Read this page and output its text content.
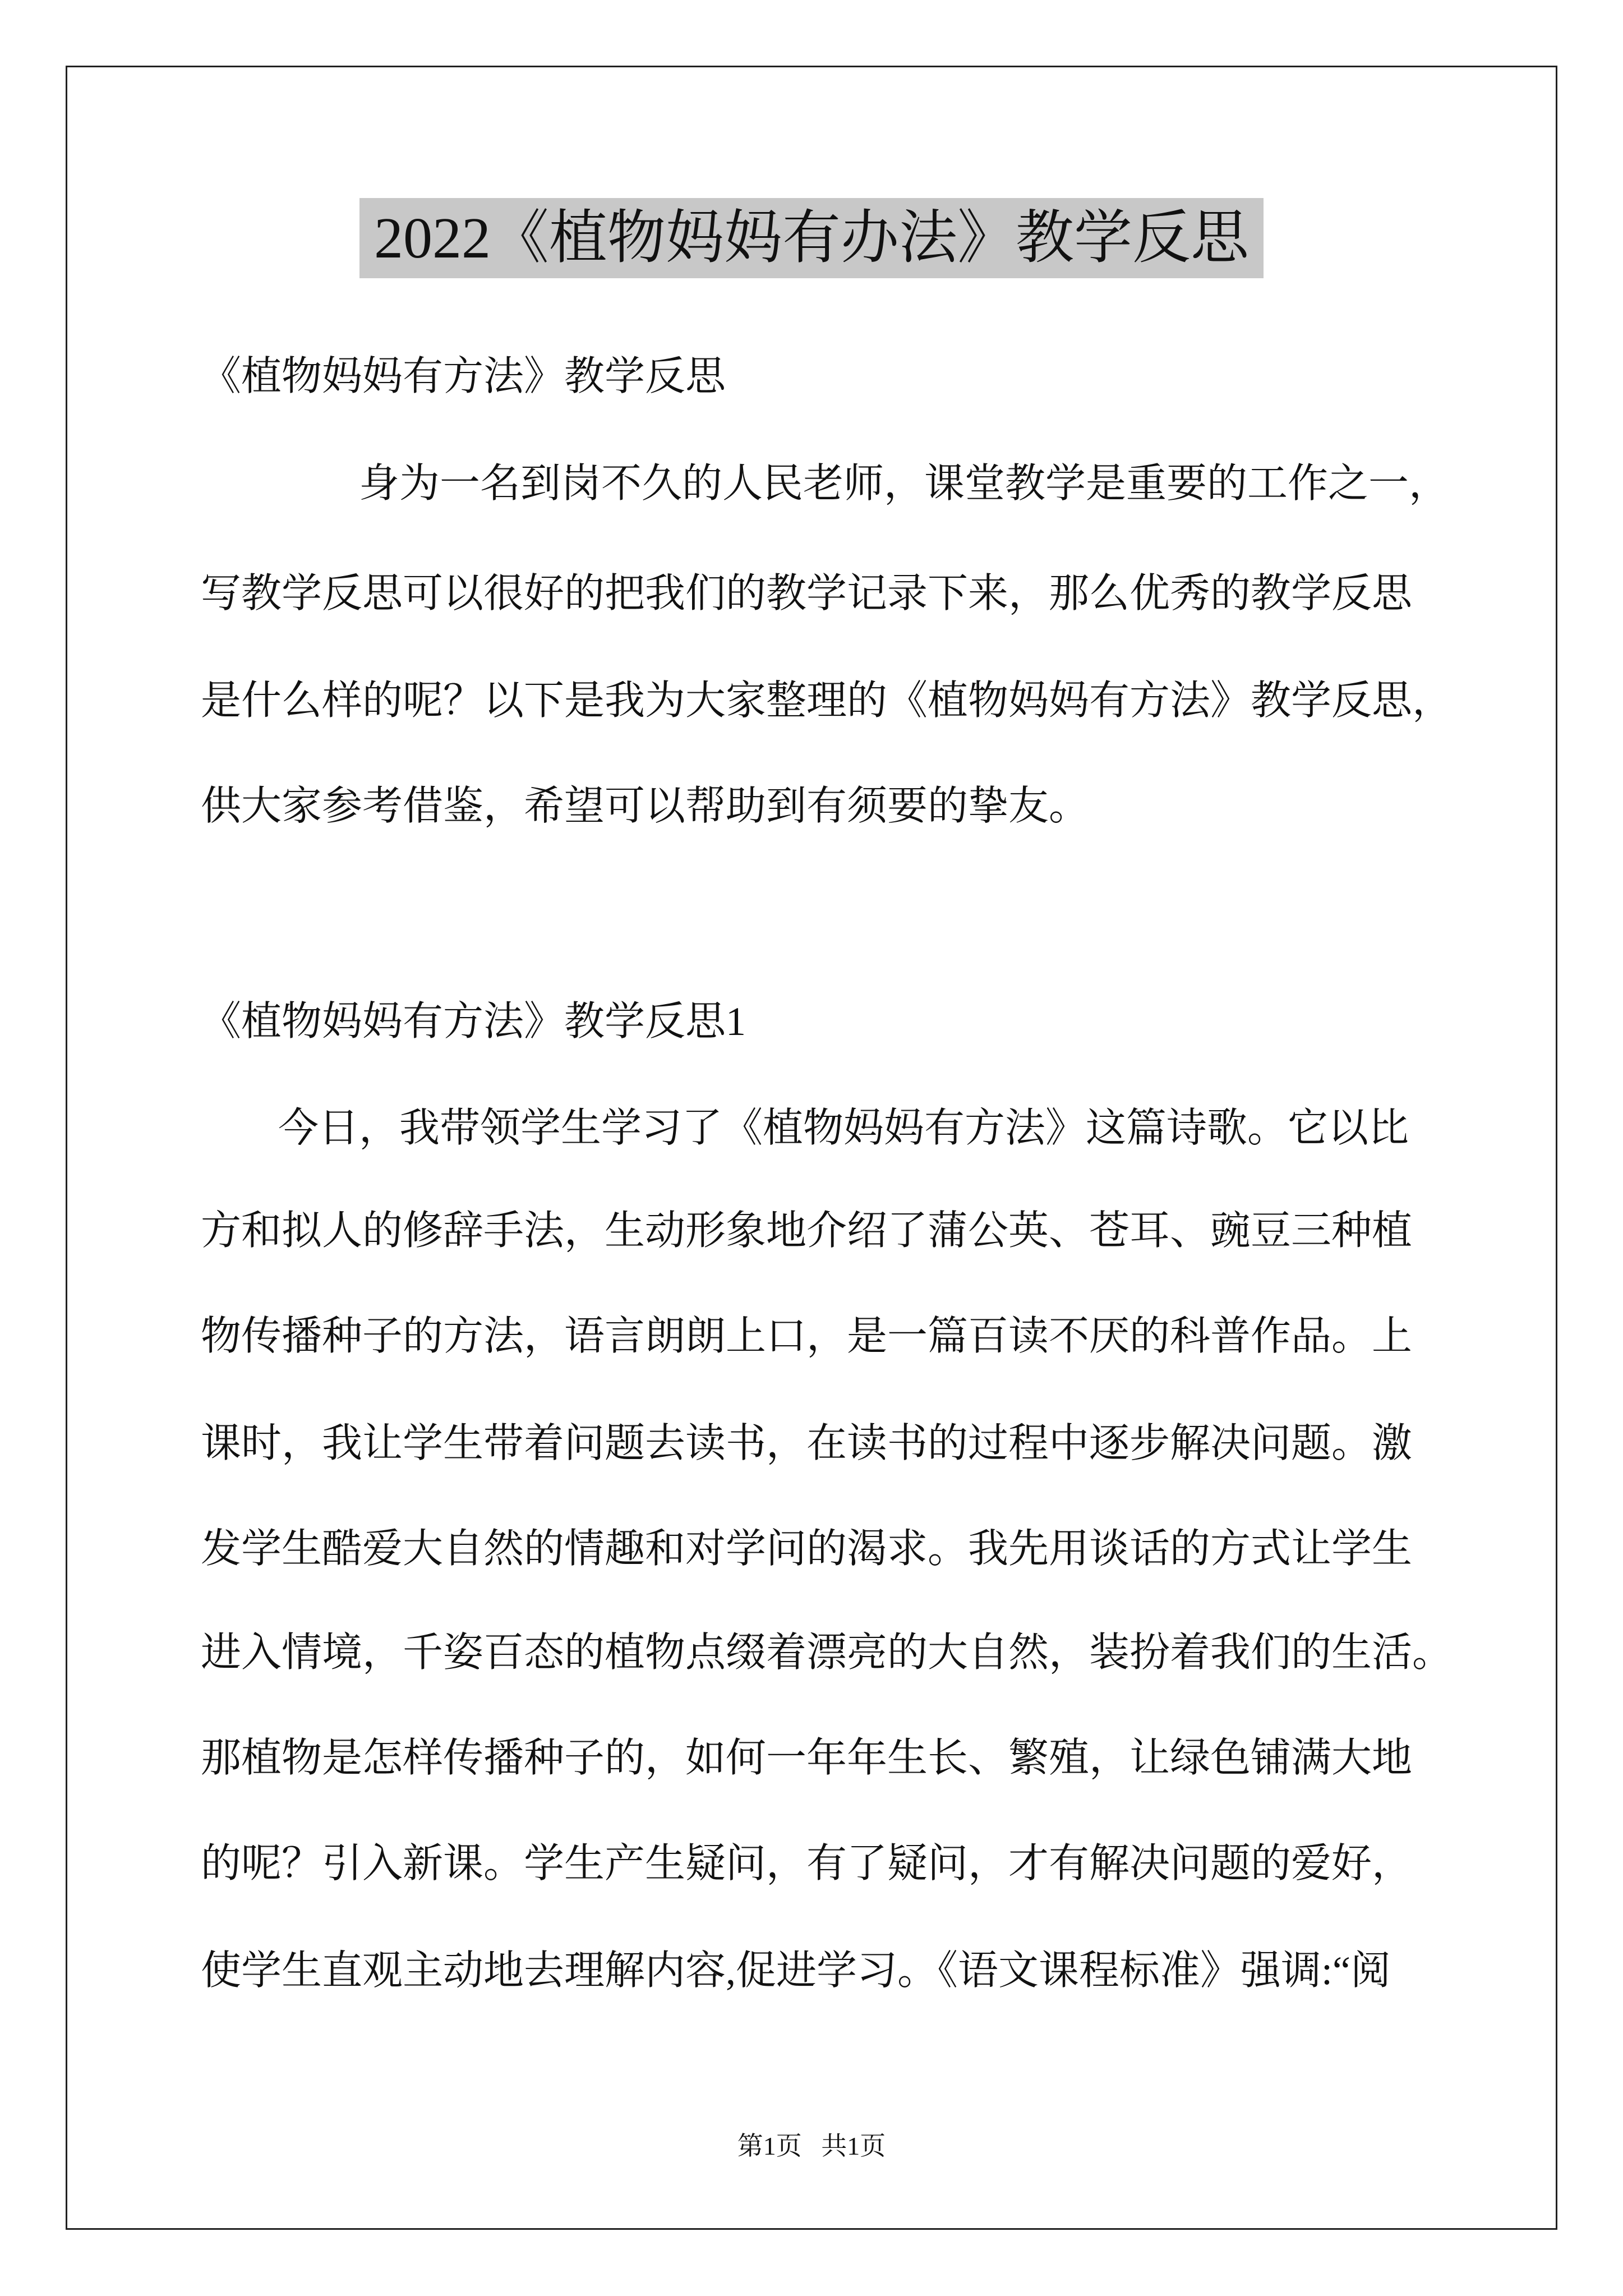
2022《植物妈妈有办法》教学反思
《植物妈妈有方法》教学反思
身为一名到岗不久的人民老师，课堂教学是重要的工作之一，
写教学反思可以很好的把我们的教学记录下来，那么优秀的教学反思
是什么样的呢？以下是我为大家整理的《植物妈妈有方法》教学反思，
供大家参考借鉴，希望可以帮助到有须要的挚友。
《植物妈妈有方法》教学反思1
今日，我带领学生学习了《植物妈妈有方法》这篇诗歌。它以比
方和拟人的修辞手法，生动形象地介绍了蒲公英、苍耳、豌豆三种植
物传播种子的方法，语言朗朗上口，是一篇百读不厌的科普作品。上
课时，我让学生带着问题去读书，在读书的过程中逐步解决问题。激
发学生酷爱大自然的情趣和对学问的渴求。我先用谈话的方式让学生
进入情境，千姿百态的植物点缀着漂亮的大自然，装扮着我们的生活。
那植物是怎样传播种子的，如何一年年生长、繁殖，让绿色铺满大地
的呢？引入新课。学生产生疑问，有了疑问，才有解决问题的爱好，
使学生直观主动地去理解内容,促进学习。《语文课程标准》强调:“阅
第1页   共1页
